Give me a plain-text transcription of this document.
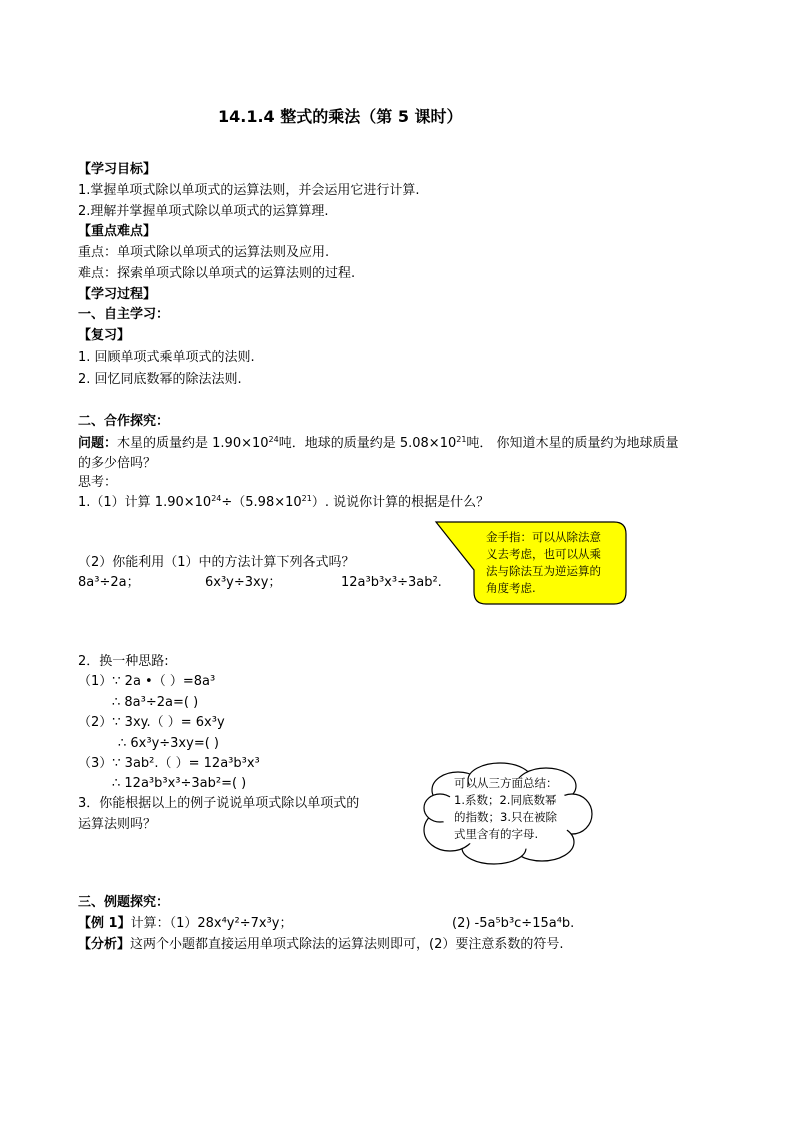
14.1.4 整式的乘法（第 5 课时）
【学习目标】
1.掌握单项式除以单项式的运算法则，并会运用它进行计算.
2.理解并掌握单项式除以单项式的运算算理.
【重点难点】
重点：单项式除以单项式的运算法则及应用.
难点：探索单项式除以单项式的运算法则的过程.
【学习过程】
一、自主学习：
【复习】
1. 回顾单项式乘单项式的法则.
2. 回忆同底数幂的除法法则.
二、合作探究：
问题：木星的质量约是 $1.90\times 10^{24}$吨．地球的质量约是 $5.08\times 10^{21}$吨． 你知道木星的质量约为地球质量
的多少倍吗？
思考：
1.（1）计算 $1.90\times 10^{24}\div(5.98\times 10^{21})$. 说说你计算的根据是什么？
金手指：可以从除法意
义去考虑，也可以从乘
法与除法互为逆运算的
角度考虑.
（2）你能利用（1）中的方法计算下列各式吗？
8a³÷2a；	6x³y÷3xy；	12a³b³x³÷3ab².
2．换一种思路:
（1）∵ 2a •（ ）=8a³
∴ 8a³÷2a=( )
（2）∵ 3xy.（ ）= 6x³y
∴ 6x³y÷3xy=( )
（3）∵ 3ab².（ ）= 12a³b³x³
∴ 12a³b³x³÷3ab²=( )
3．你能根据以上的例子说说单项式除以单项式的
运算法则吗？
可以从三方面总结：
1.系数；2.同底数幂
的指数；3.只在被除
式里含有的字母.
三、例题探究：
【例 1】计算：（1）28x⁴y²÷7x³y；	(2) -5a⁵b³c÷15a⁴b.
【分析】这两个小题都直接运用单项式除法的运算法则即可，(2）要注意系数的符号.
